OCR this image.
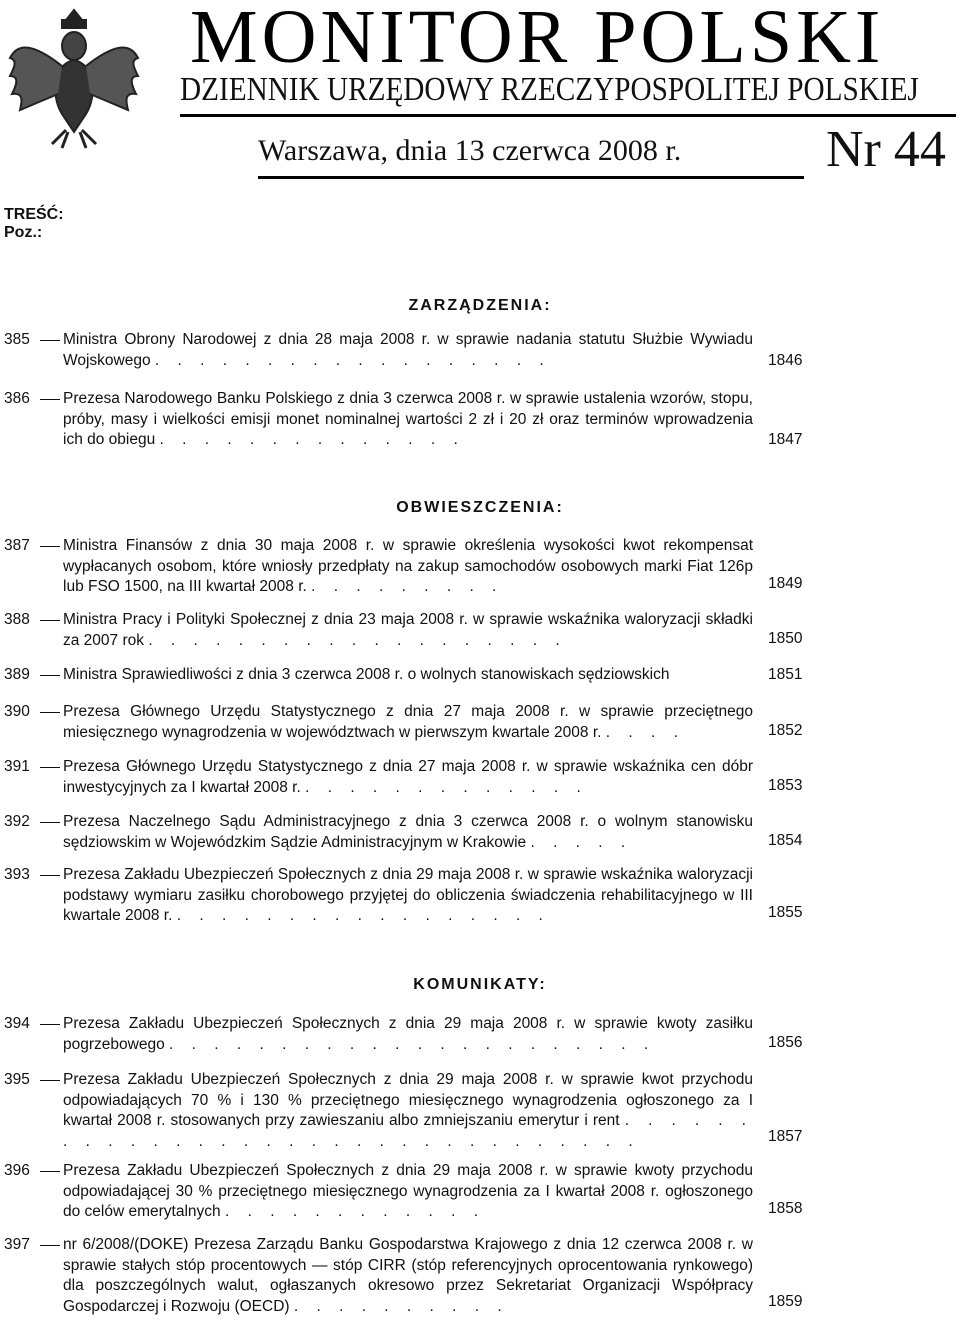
MONITOR POLSKI
DZIENNIK URZĘDOWY RZECZYPOSPOLITEJ POLSKIEJ
Warszawa, dnia 13 czerwca 2008 r.	Nr 44
TREŚĆ:
Poz.:
ZARZĄDZENIA:
385 Ministra Obrony Narodowej z dnia 28 maja 2008 r. w sprawie nadania statutu Służbie Wywiadu Wojskowego . . . . . . . . . . . . . . . . . .	1846
386 Prezesa Narodowego Banku Polskiego z dnia 3 czerwca 2008 r. w sprawie ustalenia wzorów, stopu, próby, masy i wielkości emisji monet nominalnej wartości 2 zł i 20 zł oraz terminów wprowadzenia ich do obiegu . . . . . . . . . . . . . .	1847
OBWIESZCZENIA:
387 Ministra Finansów z dnia 30 maja 2008 r. w sprawie określenia wysokości kwot rekompensat wypłacanych osobom, które wniosły przedpłaty na zakup samochodów osobowych marki Fiat 126p lub FSO 1500, na III kwartał 2008 r. . . . . . . . . .	1849
388 Ministra Pracy i Polityki Społecznej z dnia 23 maja 2008 r. w sprawie wskaźnika waloryzacji składki za 2007 rok . . . . . . . . . . . . . . . . . . .	1850
389 Ministra Sprawiedliwości z dnia 3 czerwca 2008 r. o wolnych stanowiskach sędziowskich	1851
390 Prezesa Głównego Urzędu Statystycznego z dnia 27 maja 2008 r. w sprawie przeciętnego miesięcznego wynagrodzenia w województwach w pierwszym kwartale 2008 r. . . . .	1852
391 Prezesa Głównego Urzędu Statystycznego z dnia 27 maja 2008 r. w sprawie wskaźnika cen dóbr inwestycyjnych za I kwartał 2008 r. . . . . . . . . . . . . .	1853
392 Prezesa Naczelnego Sądu Administracyjnego z dnia 3 czerwca 2008 r. o wolnym stanowisku sędziowskim w Wojewódzkim Sądzie Administracyjnym w Krakowie . . . . .	1854
393 Prezesa Zakładu Ubezpieczeń Społecznych z dnia 29 maja 2008 r. w sprawie wskaźnika waloryzacji podstawy wymiaru zasiłku chorobowego przyjętej do obliczenia świadczenia rehabilitacyjnego w III kwartale 2008 r. . . . . . . . . . . . . . . . . .	1855
KOMUNIKATY:
394 Prezesa Zakładu Ubezpieczeń Społecznych z dnia 29 maja 2008 r. w sprawie kwoty zasiłku pogrzebowego . . . . . . . . . . . . . . . . . . . . . .	1856
395 Prezesa Zakładu Ubezpieczeń Społecznych z dnia 29 maja 2008 r. w sprawie kwot przychodu odpowiadających 70 % i 130 % przeciętnego miesięcznego wynagrodzenia ogłoszonego za I kwartał 2008 r. stosowanych przy zawieszaniu albo zmniejszaniu emerytur i rent . . . . . . . . . . . . . . . . . . . . . . . . . . . . . . . .	1857
396 Prezesa Zakładu Ubezpieczeń Społecznych z dnia 29 maja 2008 r. w sprawie kwoty przychodu odpowiadającej 30 % przeciętnego miesięcznego wynagrodzenia za I kwartał 2008 r. ogłoszonego do celów emerytalnych . . . . . . . . . . . .	1858
397 nr 6/2008/(DOKE) Prezesa Zarządu Banku Gospodarstwa Krajowego z dnia 12 czerwca 2008 r. w sprawie stałych stóp procentowych — stóp CIRR (stóp referencyjnych oprocentowania rynkowego) dla poszczególnych walut, ogłaszanych okresowo przez Sekretariat Organizacji Współpracy Gospodarczej i Rozwoju (OECD) . . . . . . . . . .	1859
